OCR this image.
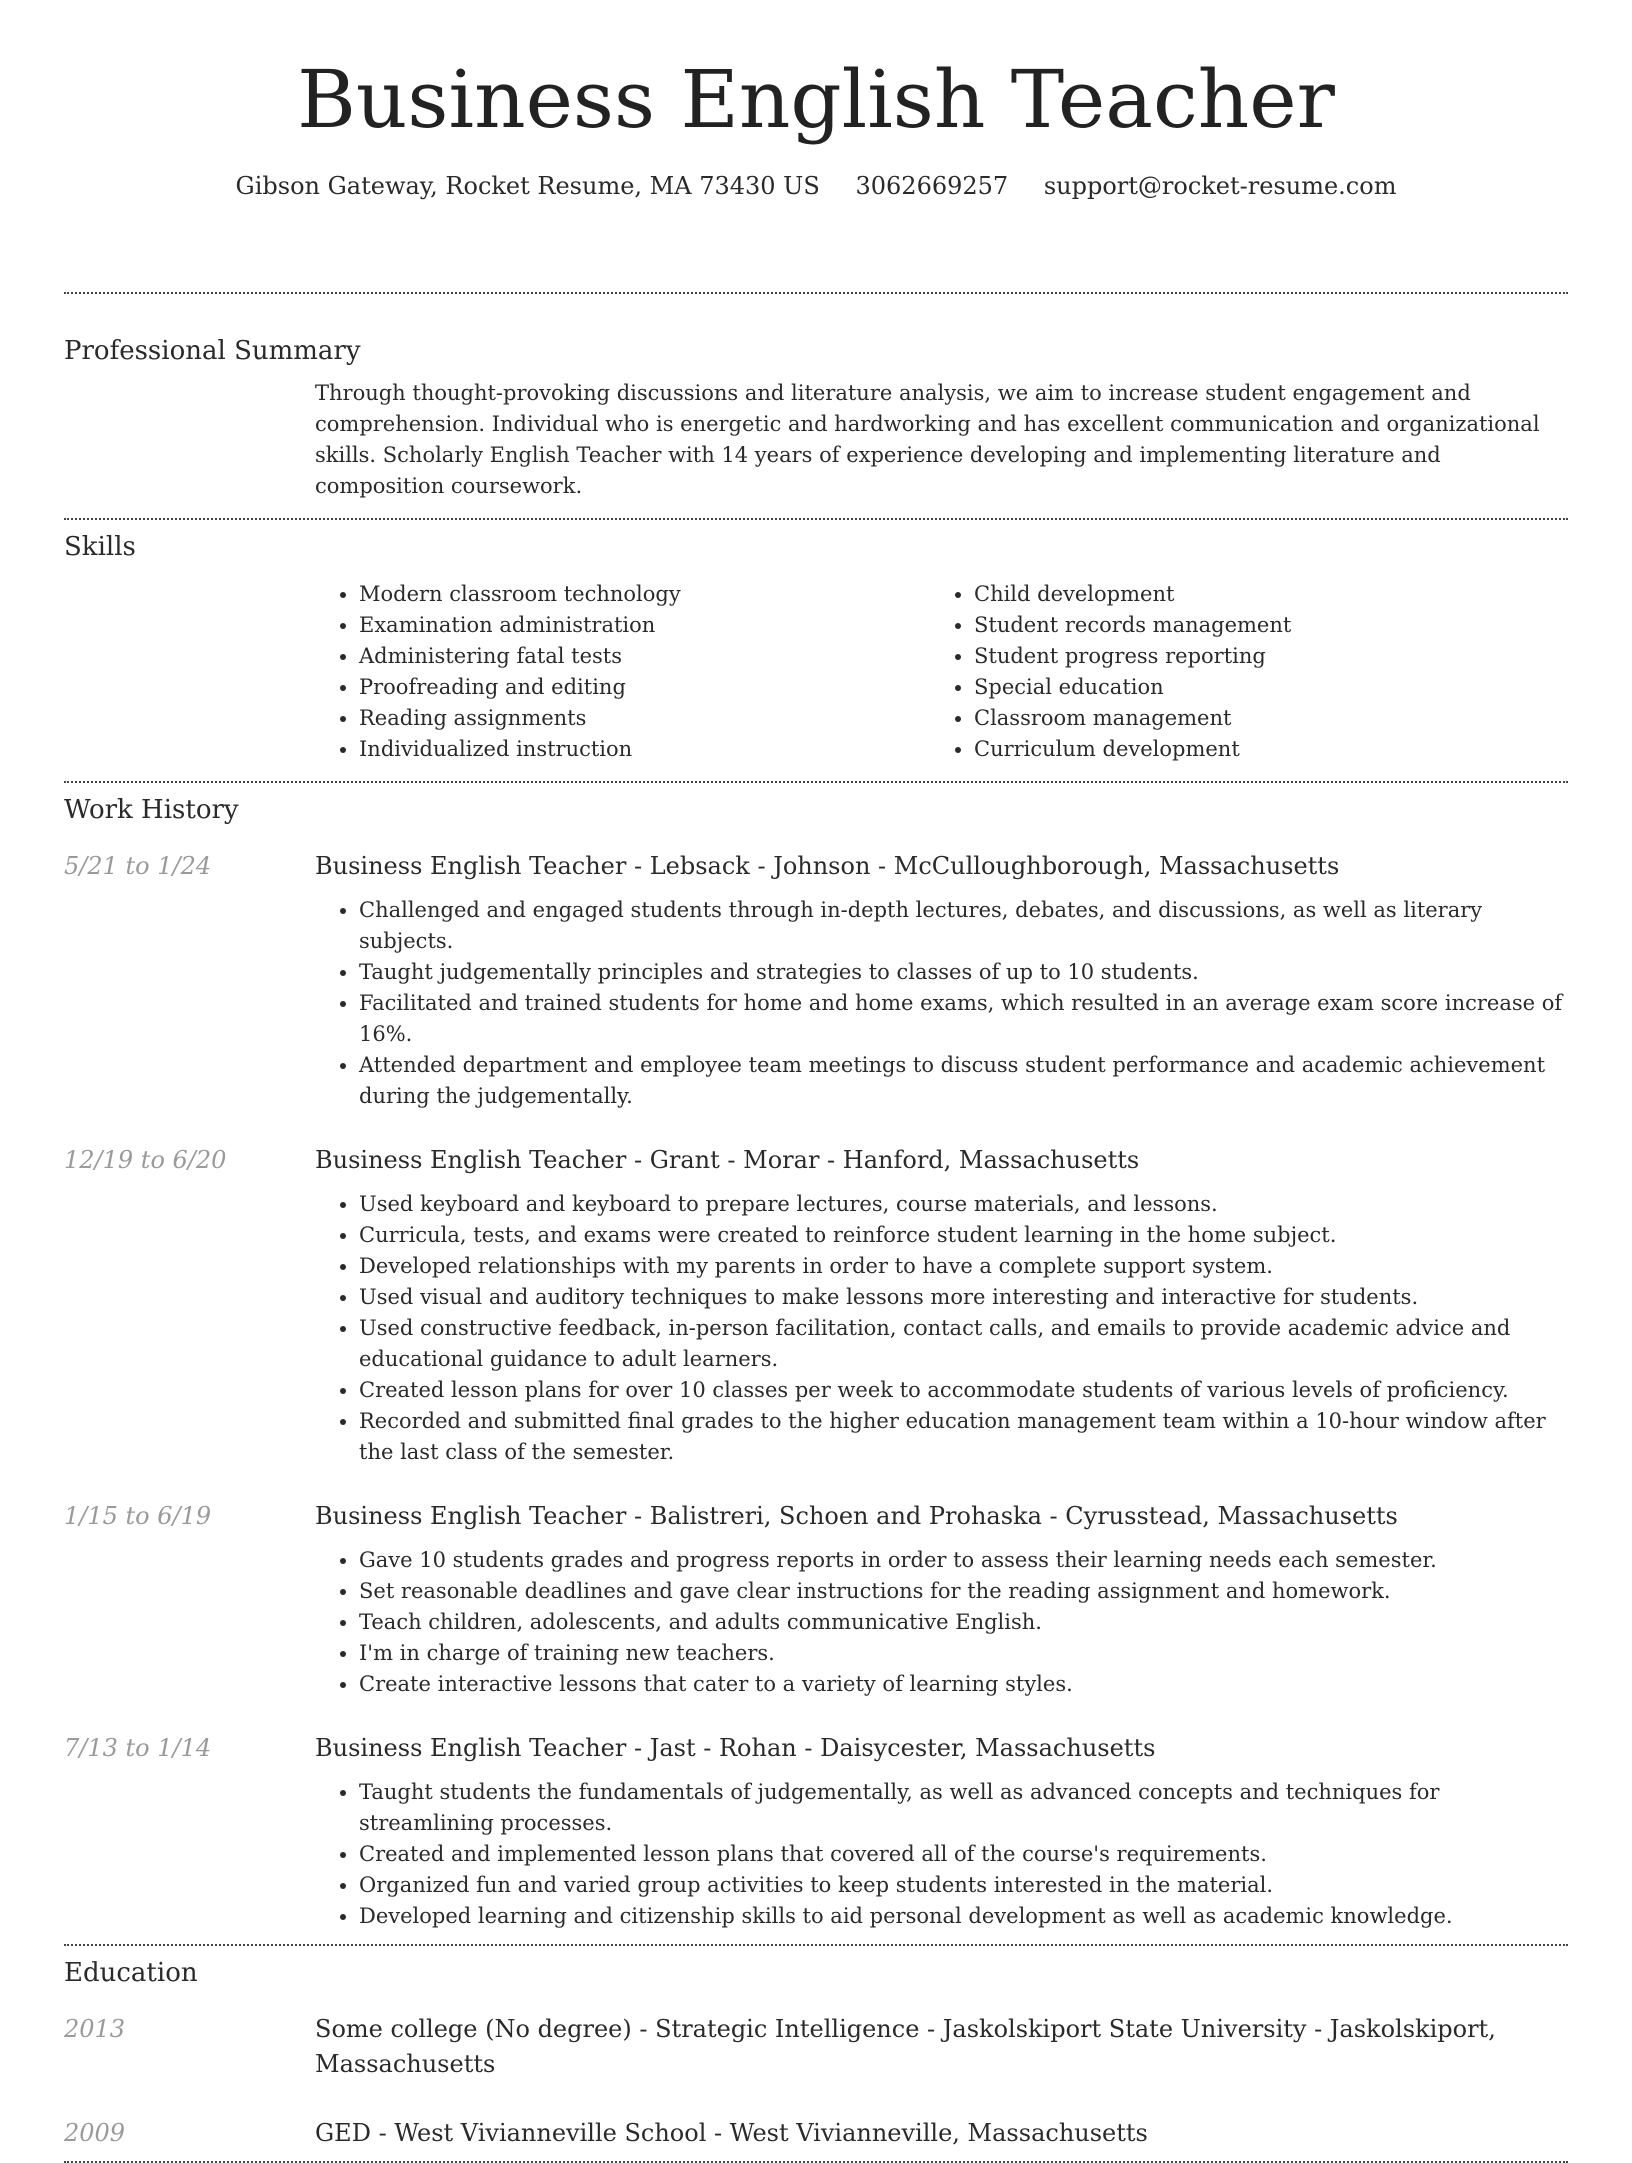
Business English Teacher
Gibson Gateway, Rocket Resume, MA 73430 US 3062669257 support@rocket-resume.com
Professional Summary

Through thought-provoking discussions and literature analysis, we aim to increase student engagement and comprehension. Individual who is energetic and hardworking and has excellent communication and organizational skills. Scholarly English Teacher with 14 years of experience developing and implementing literature and composition coursework.

Skills
• Modern classroom technology
• Examination administration
• Administering fatal tests
• Proofreading and editing
• Reading assignments
• Individualized instruction
• Child development
• Student records management
• Student progress reporting
• Special education
• Classroom management
• Curriculum development
Work History
5/21 to 1/24	Business English Teacher - Lebsack - Johnson - McCulloughborough, Massachusetts
• Challenged and engaged students through in-depth lectures, debates, and discussions, as well as literary subjects.
• Taught judgementally principles and strategies to classes of up to 10 students.
• Facilitated and trained students for home and home exams, which resulted in an average exam score increase of 16%.
• Attended department and employee team meetings to discuss student performance and academic achievement during the judgementally.
12/19 to 6/20	Business English Teacher - Grant - Morar - Hanford, Massachusetts
• Used keyboard and keyboard to prepare lectures, course materials, and lessons.
• Curricula, tests, and exams were created to reinforce student learning in the home subject.
• Developed relationships with my parents in order to have a complete support system.
• Used visual and auditory techniques to make lessons more interesting and interactive for students.
• Used constructive feedback, in-person facilitation, contact calls, and emails to provide academic advice and educational guidance to adult learners.
• Created lesson plans for over 10 classes per week to accommodate students of various levels of proficiency.
• Recorded and submitted final grades to the higher education management team within a 10-hour window after the last class of the semester.
1/15 to 6/19	Business English Teacher - Balistreri, Schoen and Prohaska - Cyrusstead, Massachusetts
• Gave 10 students grades and progress reports in order to assess their learning needs each semester.
• Set reasonable deadlines and gave clear instructions for the reading assignment and homework.
• Teach children, adolescents, and adults communicative English.
• I'm in charge of training new teachers.
• Create interactive lessons that cater to a variety of learning styles.
7/13 to 1/14	Business English Teacher - Jast - Rohan - Daisycester, Massachusetts
• Taught students the fundamentals of judgementally, as well as advanced concepts and techniques for streamlining processes.
• Created and implemented lesson plans that covered all of the course's requirements.
• Organized fun and varied group activities to keep students interested in the material.
• Developed learning and citizenship skills to aid personal development as well as academic knowledge.
Education
2013	Some college (No degree) - Strategic Intelligence - Jaskolskiport State University - Jaskolskiport, Massachusetts
2009	GED - West Vivianneville School - West Vivianneville, Massachusetts
